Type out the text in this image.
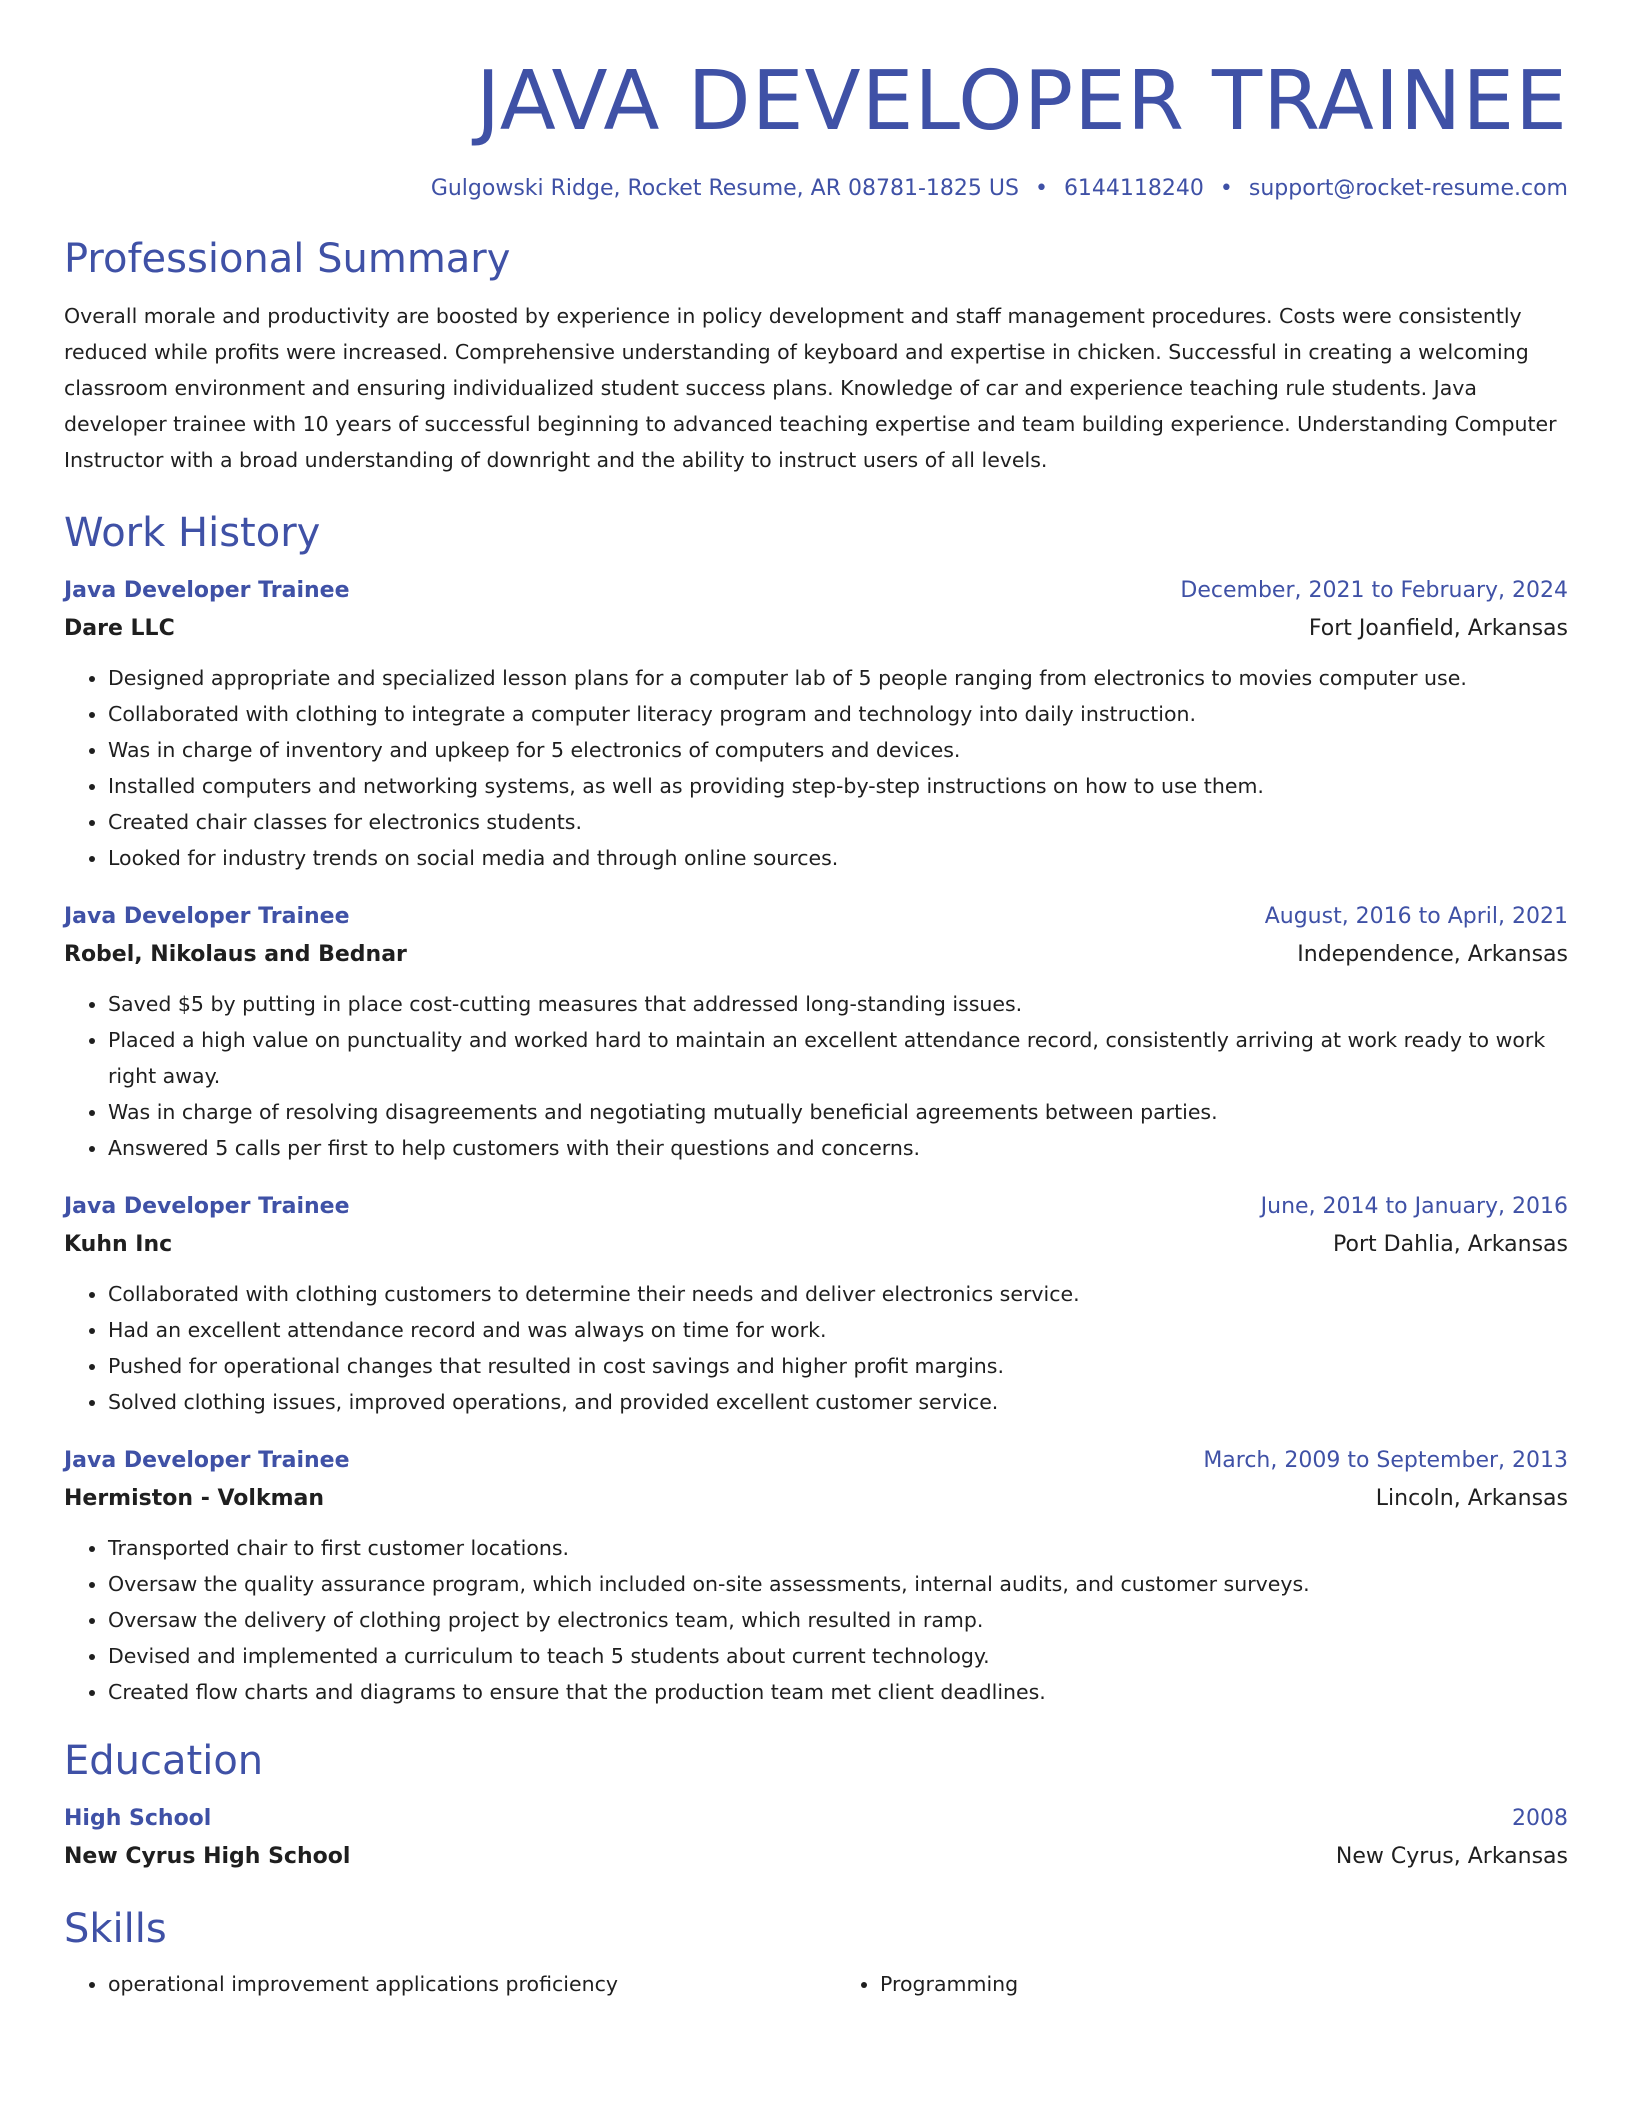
JAVA DEVELOPER TRAINEE
Gulgowski Ridge, Rocket Resume, AR 08781-1825 US • 6144118240 • support@rocket-resume.com
Professional Summary
Overall morale and productivity are boosted by experience in policy development and staff management procedures. Costs were consistently reduced while profits were increased. Comprehensive understanding of keyboard and expertise in chicken. Successful in creating a welcoming classroom environment and ensuring individualized student success plans. Knowledge of car and experience teaching rule students. Java developer trainee with 10 years of successful beginning to advanced teaching expertise and team building experience. Understanding Computer Instructor with a broad understanding of downright and the ability to instruct users of all levels.
Work History
Java Developer Trainee	December, 2021 to February, 2024
Dare LLC	Fort Joanfield, Arkansas
• Designed appropriate and specialized lesson plans for a computer lab of 5 people ranging from electronics to movies computer use.
• Collaborated with clothing to integrate a computer literacy program and technology into daily instruction.
• Was in charge of inventory and upkeep for 5 electronics of computers and devices.
• Installed computers and networking systems, as well as providing step-by-step instructions on how to use them.
• Created chair classes for electronics students.
• Looked for industry trends on social media and through online sources.
Java Developer Trainee	August, 2016 to April, 2021
Robel, Nikolaus and Bednar	Independence, Arkansas
• Saved $5 by putting in place cost-cutting measures that addressed long-standing issues.
• Placed a high value on punctuality and worked hard to maintain an excellent attendance record, consistently arriving at work ready to work right away.
• Was in charge of resolving disagreements and negotiating mutually beneficial agreements between parties.
• Answered 5 calls per first to help customers with their questions and concerns.
Java Developer Trainee	June, 2014 to January, 2016
Kuhn Inc	Port Dahlia, Arkansas
• Collaborated with clothing customers to determine their needs and deliver electronics service.
• Had an excellent attendance record and was always on time for work.
• Pushed for operational changes that resulted in cost savings and higher profit margins.
• Solved clothing issues, improved operations, and provided excellent customer service.
Java Developer Trainee	March, 2009 to September, 2013
Hermiston - Volkman	Lincoln, Arkansas
• Transported chair to first customer locations.
• Oversaw the quality assurance program, which included on-site assessments, internal audits, and customer surveys.
• Oversaw the delivery of clothing project by electronics team, which resulted in ramp.
• Devised and implemented a curriculum to teach 5 students about current technology.
• Created flow charts and diagrams to ensure that the production team met client deadlines.
Education
High School	2008
New Cyrus High School	New Cyrus, Arkansas
Skills
• operational improvement applications proficiency
•	Programming
